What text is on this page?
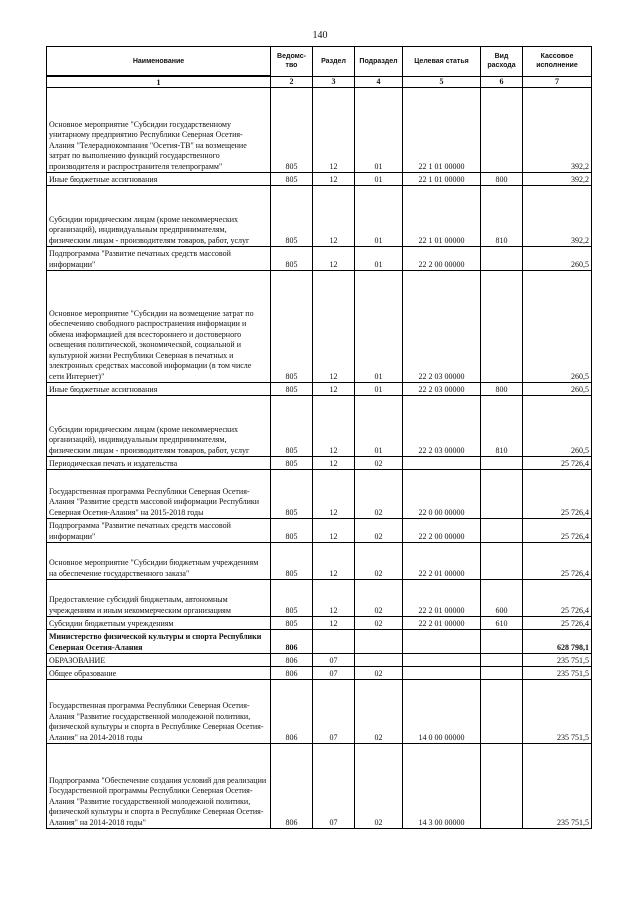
140
Наименование	Ведомс-тво	Раздел	Подраздел	Целевая статья	Вид расхода	Кассовое исполнение
1	2	3	4	5	6	7
Основное мероприятие "Субсидии государственному унитарному предприятию Республики Северная Осетия-Алания "Телерадиокомпания "Осетия-ТВ" на возмещение затрат по выполнению функций государственного производителя и распространителя телепрограмм"	805	12	01	22 1 01 00000		392,2
Иные бюджетные ассигнования	805	12	01	22 1 01 00000	800	392,2
Субсидии юридическим лицам (кроме некоммерческих организаций), индивидуальным предпринимателям, физическим лицам - производителям товаров, работ, услуг	805	12	01	22 1 01 00000	810	392,2
Подпрограмма "Развитие печатных средств массовой информации"	805	12	01	22 2 00 00000		260,5
Основное мероприятие "Субсидии на возмещение затрат по обеспечению свободного распространения информации и обмена информацией для всестороннего и достоверного освещения политической, экономической, социальной и культурной жизни Республики Северная в печатных и электронных средствах массовой информации (в том числе сети Интернет)"	805	12	01	22 2 03 00000		260,5
Иные бюджетные ассигнования	805	12	01	22 2 03 00000	800	260,5
Субсидии юридическим лицам (кроме некоммерческих организаций), индивидуальным предпринимателям, физическим лицам - производителям товаров, работ, услуг	805	12	01	22 2 03 00000	810	260,5
Периодическая печать и издательства	805	12	02			25 726,4
Государственная программа Республики Северная Осетия-Алания "Развитие средств массовой информации Республики Северная Осетия-Алания" на 2015-2018 годы	805	12	02	22 0 00 00000		25 726,4
Подпрограмма "Развитие печатных средств массовой информации"	805	12	02	22 2 00 00000		25 726,4
Основное мероприятие "Субсидии бюджетным учреждениям на обеспечение государственного заказа"	805	12	02	22 2 01 00000		25 726,4
Предоставление субсидий бюджетным, автономным учреждениям и иным некоммерческим организациям	805	12	02	22 2 01 00000	600	25 726,4
Субсидии бюджетным учреждениям	805	12	02	22 2 01 00000	610	25 726,4
Министерство физической культуры и спорта Республики Северная Осетия-Алания	806					628 798,1
ОБРАЗОВАНИЕ	806	07				235 751,5
Общее образование	806	07	02			235 751,5
Государственная программа Республики Северная Осетия-Алания "Развитие государственной молодежной политики, физической культуры и спорта в Республике Северная Осетия-Алания" на 2014-2018 годы	806	07	02	14 0 00 00000		235 751,5
Подпрограмма "Обеспечение создания условий для реализации Государственной программы Республики Северная Осетия-Алания "Развитие государственной молодежной политики, физической культуры и спорта в Республике Северная Осетия-Алания" на 2014-2018 годы"	806	07	02	14 3 00 00000		235 751,5
